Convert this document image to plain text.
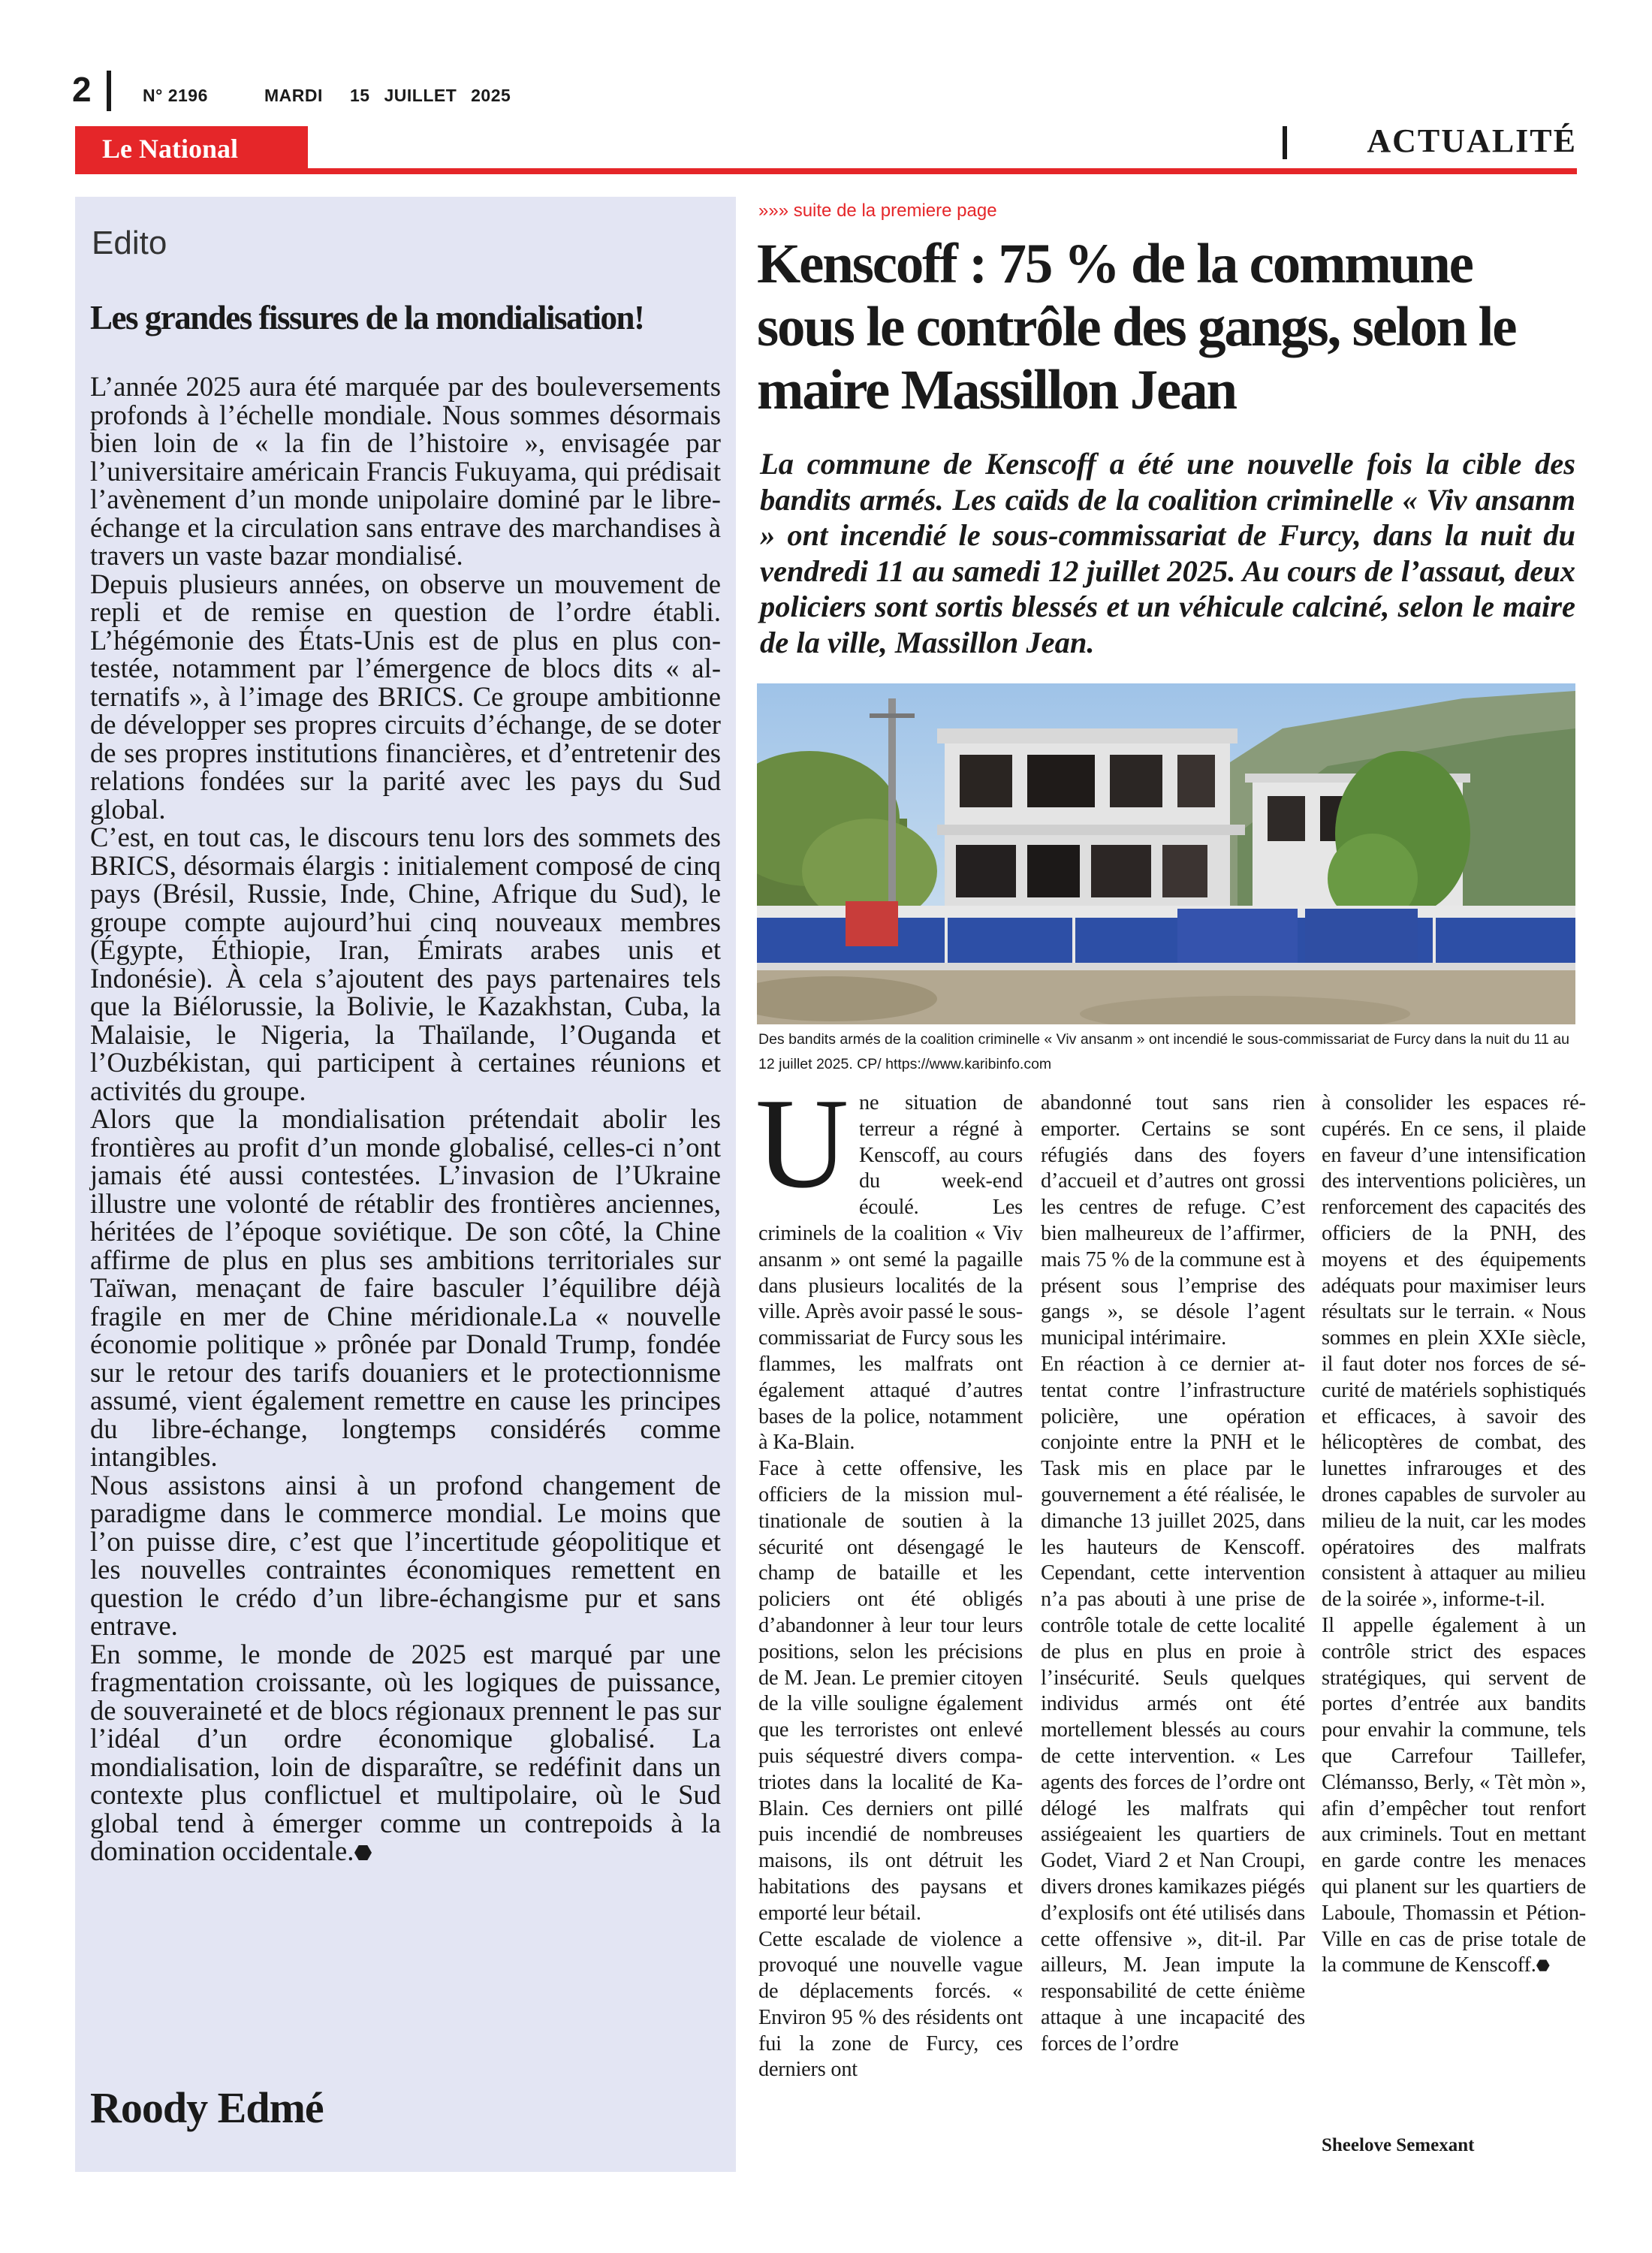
2	N° 2196	MARDI 15 JUILLET 2025
Le National	ACTUALITÉ
Edito
Les grandes fissures de la mondialisation!

L’année 2025 aura été marquée par des bouleversements profonds à l’échelle mondiale. Nous sommes désormais bien loin de « la fin de l’histoire », envisagée par l’universitaire américain Francis Fukuyama, qui prédisait l’avènement d’un monde unipolaire dominé par le libre-échange et la circulation sans entrave des marchandises à travers un vaste bazar mondialisé.

Depuis plusieurs années, on observe un mouvement de repli et de remise en question de l’ordre établi. L’hégémonie des États-Unis est de plus en plus contestée, notamment par l’émergence de blocs dits « alternatifs », à l’image des BRICS. Ce groupe ambitionne de développer ses propres circuits d’échange, de se doter de ses propres institutions financières, et d’entretenir des relations fondées sur la parité avec les pays du Sud global.

C’est, en tout cas, le discours tenu lors des sommets des BRICS, désormais élargis : initialement composé de cinq pays (Brésil, Russie, Inde, Chine, Afrique du Sud), le groupe compte aujourd’hui cinq nouveaux membres (Égypte, Éthiopie, Iran, Émirats arabes unis et Indonésie). À cela s’ajoutent des pays partenaires tels que la Biélorussie, la Bolivie, le Kazakhstan, Cuba, la Malaisie, le Nigeria, la Thaïlande, l’Ouganda et l’Ouzbékistan, qui participent à certaines réunions et activités du groupe.

Alors que la mondialisation prétendait abolir les frontières au profit d’un monde globalisé, celles-ci n’ont jamais été aussi contestées. L’invasion de l’Ukraine illustre une volonté de rétablir des frontières anciennes, héritées de l’époque soviétique. De son côté, la Chine affirme de plus en plus ses ambitions territoriales sur Taïwan, menaçant de faire basculer l’équilibre déjà fragile en mer de Chine méridionale.La « nouvelle économie politique » prônée par Donald Trump, fondée sur le retour des tarifs douaniers et le protectionnisme assumé, vient également remettre en cause les principes du libre-échange, longtemps considérés comme intangibles.

Nous assistons ainsi à un profond changement de paradigme dans le commerce mondial. Le moins que l’on puisse dire, c’est que l’incertitude géopolitique et les nouvelles contraintes économiques remettent en question le crédo d’un libre-échangisme pur et sans entrave.

En somme, le monde de 2025 est marqué par une fragmentation croissante, où les logiques de puissance, de souveraineté et de blocs régionaux prennent le pas sur l’idéal d’un ordre économique globalisé. La mondialisation, loin de disparaître, se redéfinit dans un contexte plus conflictuel et multipolaire, où le Sud global tend à émerger comme un contrepoids à la domination occidentale.⬣

Roody Edmé
»»» suite de la premiere page
Kenscoff : 75 % de la commune sous le contrôle des gangs, selon le maire Massillon Jean
La commune de Kenscoff a été une nouvelle fois la cible des bandits armés. Les caïds de la coalition criminelle « Viv ansanm » ont incendié le sous-commissariat de Furcy, dans la nuit du vendredi 11 au samedi 12 juillet 2025. Au cours de l’assaut, deux policiers sont sortis blessés et un véhicule calciné, selon le maire de la ville, Massillon Jean.
Des bandits armés de la coalition criminelle « Viv ansanm » ont incendié le sous-commissariat de Furcy dans la nuit du 11 au 12 juillet 2025. CP/ https://www.karibinfo.com

Une situation de terreur a régné à Kenscoff, au cours du week-end écoulé. Les criminels de la coalition « Viv ansanm » ont semé la pagaille dans plusieurs localités de la ville. Après avoir passé le sous-commissariat de Furcy sous les flammes, les malfrats ont également attaqué d’autres bases de la police, notamment à Ka-Blain.

Face à cette offensive, les officiers de la mission multinationale de soutien à la sécurité ont désengagé le champ de bataille et les policiers ont été obligés d’abandonner à leur tour leurs positions, selon les précisions de M. Jean. Le premier citoyen de la ville souligne également que les terroristes ont enlevé puis séquestré divers compatriotes dans la localité de Ka-Blain. Ces derniers ont pillé puis incendié de nombreuses maisons, ils ont détruit les habitations des paysans et emporté leur bétail.

Cette escalade de violence a provoqué une nouvelle vague de déplacements forcés. « Environ 95 % des résidents ont fui la zone de Furcy, ces derniers ont

abandonné tout sans rien emporter. Certains se sont réfugiés dans des foyers d’accueil et d’autres ont grossi les centres de refuge. C’est bien malheureux de l’affirmer, mais 75 % de la commune est à présent sous l’emprise des gangs », se désole l’agent municipal intérimaire.

En réaction à ce dernier attentat contre l’infrastructure policière, une opération conjointe entre la PNH et le Task mis en place par le gouvernement a été réalisée, le dimanche 13 juillet 2025, dans les hauteurs de Kenscoff. Cependant, cette intervention n’a pas abouti à une prise de contrôle totale de cette localité de plus en plus en proie à l’insécurité. Seuls quelques individus armés ont été mortellement blessés au cours de cette intervention. « Les agents des forces de l’ordre ont délogé les malfrats qui assiégeaient les quartiers de Godet, Viard 2 et Nan Croupi, divers drones kamikazes piégés d’explosifs ont été utilisés dans cette offensive », dit-il. Par ailleurs, M. Jean impute la responsabilité de cette énième attaque à une incapacité des forces de l’ordre

à consolider les espaces récupérés. En ce sens, il plaide en faveur d’une intensification des interventions policières, un renforcement des capacités des officiers de la PNH, des moyens et des équipements adéquats pour maximiser leurs résultats sur le terrain. « Nous sommes en plein XXIe siècle, il faut doter nos forces de sécurité de matériels sophistiqués et efficaces, à savoir des hélicoptères de combat, des lunettes infrarouges et des drones capables de survoler au milieu de la nuit, car les modes opératoires des malfrats consistent à attaquer au milieu de la soirée », informe-t-il.

Il appelle également à un contrôle strict des espaces stratégiques, qui servent de portes d’entrée aux bandits pour envahir la commune, tels que Carrefour Taillefer, Clémansso, Berly, « Tèt mòn », afin d’empêcher tout renfort aux criminels. Tout en mettant en garde contre les menaces qui planent sur les quartiers de Laboule, Thomassin et Pétion-Ville en cas de prise totale de la commune de Kenscoff.⬣

Sheelove Semexant
